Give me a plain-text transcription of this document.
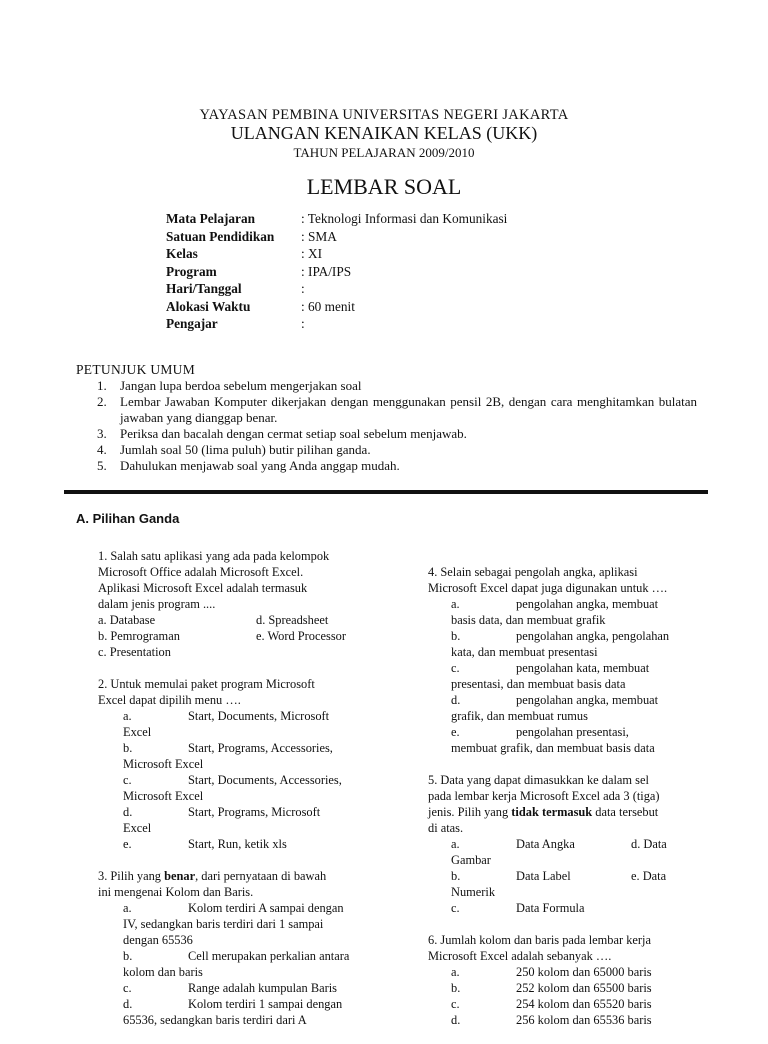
YAYASAN PEMBINA UNIVERSITAS NEGERI JAKARTA
ULANGAN KENAIKAN KELAS (UKK)
TAHUN PELAJARAN 2009/2010
LEMBAR SOAL
Mata Pelajaran	: Teknologi Informasi dan Komunikasi
Satuan Pendidikan	: SMA
Kelas	: XI
Program	: IPA/IPS
Hari/Tanggal	:
Alokasi Waktu	: 60 menit
Pengajar	:
PETUNJUK UMUM
1.	Jangan lupa berdoa sebelum mengerjakan soal
2.	Lembar Jawaban Komputer dikerjakan dengan menggunakan pensil 2B, dengan cara menghitamkan bulatan jawaban yang dianggap benar.
3.	Periksa dan bacalah dengan cermat setiap soal sebelum menjawab.
4.	Jumlah soal 50 (lima puluh) butir pilihan ganda.
5.	Dahulukan menjawab soal yang Anda anggap mudah.
A. Pilihan Ganda
1. Salah satu aplikasi yang ada pada kelompok
Microsoft Office adalah Microsoft Excel.
Aplikasi Microsoft Excel adalah termasuk
dalam jenis program ....
a. Database	d. Spreadsheet
b. Pemrograman	e. Word Processor
c. Presentation
2. Untuk memulai paket program Microsoft
Excel dapat dipilih menu ….
a.	Start, Documents, Microsoft
Excel
b.	Start, Programs, Accessories,
Microsoft Excel
c.	Start, Documents, Accessories,
Microsoft Excel
d.	Start, Programs, Microsoft
Excel
e.	Start, Run, ketik xls
3. Pilih yang benar, dari pernyataan di bawah
ini mengenai Kolom dan Baris.
a.	Kolom terdiri A sampai dengan
IV, sedangkan baris terdiri dari 1 sampai
dengan 65536
b.	Cell merupakan perkalian antara
kolom dan baris
c.	Range adalah kumpulan Baris
d.	Kolom terdiri 1 sampai dengan
65536, sedangkan baris terdiri dari A
4. Selain sebagai pengolah angka, aplikasi
Microsoft Excel dapat juga digunakan untuk ….
a.	pengolahan angka, membuat
basis data, dan membuat grafik
b.	pengolahan angka, pengolahan
kata, dan membuat presentasi
c.	pengolahan kata, membuat
presentasi, dan membuat basis data
d.	pengolahan angka, membuat
grafik, dan membuat rumus
e.	pengolahan presentasi,
membuat grafik, dan membuat basis data
5. Data yang dapat dimasukkan ke dalam sel
pada lembar kerja Microsoft Excel ada 3 (tiga)
jenis. Pilih yang tidak termasuk data tersebut
di atas.
a.	Data Angka	d. Data
Gambar
b.	Data Label	e. Data
Numerik
c.	Data Formula
6. Jumlah kolom dan baris pada lembar kerja
Microsoft Excel adalah sebanyak ….
a.	250 kolom dan 65000 baris
b.	252 kolom dan 65500 baris
c.	254 kolom dan 65520 baris
d.	256 kolom dan 65536 baris
